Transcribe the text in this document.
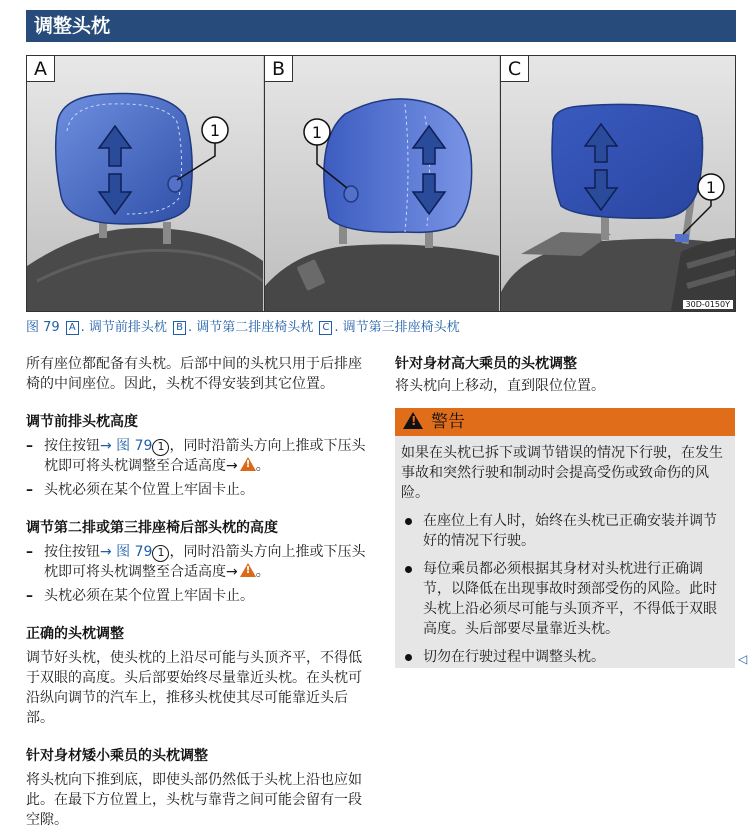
调整头枕
1
A
1
B
1
C
30D-0150Y
图 79 A . 调节前排头枕 B . 调节第二排座椅头枕 C . 调节第三排座椅头枕

所有座位都配备有头枕。后部中间的头枕只用于后排座椅的中间座位。因此，头枕不得安装到其它位置。

调节前排头枕高度
– 按住按钮→ 图 79 1 ，同时沿箭头方向上推或下压头枕即可将头枕调整至合适高度→ ! 。
– 头枕必须在某个位置上牢固卡止。
调节第二排或第三排座椅后部头枕的高度
– 按住按钮→ 图 79 1 ，同时沿箭头方向上推或下压头枕即可将头枕调整至合适高度→ ! 。
– 头枕必须在某个位置上牢固卡止。
正确的头枕调整

调节好头枕，使头枕的上沿尽可能与头顶齐平，不得低于双眼的高度。头后部要始终尽量靠近头枕。在头枕可沿纵向调节的汽车上，推移头枕使其尽可能靠近头后部。

针对身材矮小乘员的头枕调整

将头枕向下推到底，即使头部仍然低于头枕上沿也应如此。在最下方位置上，头枕与靠背之间可能会留有一段空隙。

针对身材高大乘员的头枕调整

将头枕向上移动，直到限位位置。

!警告

如果在头枕已拆下或调节错误的情况下行驶，在发生事故和突然行驶和制动时会提高受伤或致命伤的风险。

在座位上有人时，始终在头枕已正确安装并调节好的情况下行驶。
每位乘员都必须根据其身材对头枕进行正确调节，以降低在出现事故时颈部受伤的风险。此时头枕上沿必须尽可能与头顶齐平，不得低于双眼高度。头后部要尽量靠近头枕。
切勿在行驶过程中调整头枕。	◁
